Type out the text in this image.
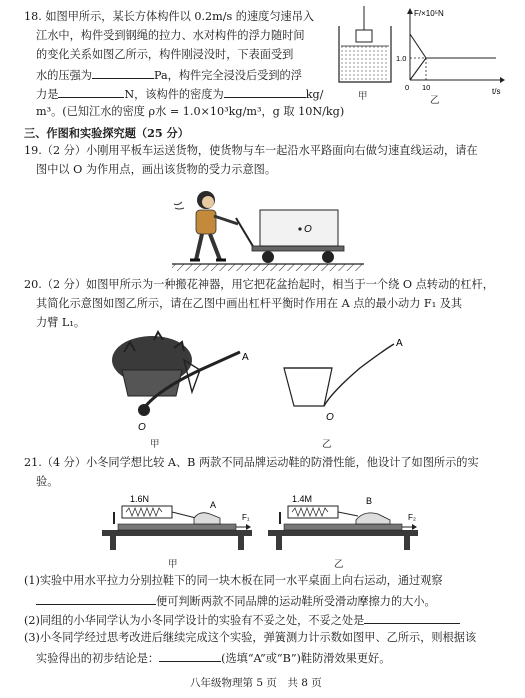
18. 如图甲所示，某长方体构件以 0.2m/s 的速度匀速吊入
江水中，构件受到钢绳的拉力、水对构件的浮力随时间
的变化关系如图乙所示，构件刚浸没时，下表面受到
水的压强为	Pa，构件完全浸没后受到的浮
力是	N，该构件的密度为	kg/
m³。(已知江水的密度 ρ水 = 1.0×10³kg/m³，g 取 10N/kg)
甲
F/×10⁵N
t/s
1.0
0 10
乙
三、作图和实验探究题（25 分）
19.（2 分）小刚用平板车运送货物，使货物与车一起沿水平路面向右做匀速直线运动，请在
图中以 O 为作用点，画出该货物的受力示意图。
O
20.（2 分）如图甲所示为一种搬花神器，用它把花盆抬起时，相当于一个绕 O 点转动的杠杆，
其简化示意图如图乙所示，请在乙图中画出杠杆平衡时作用在 A 点的最小动力 F₁ 及其
力臂 L₁。
A
O
甲
A
O
乙
21.（4 分）小冬同学想比较 A、B 两款不同品牌运动鞋的防滑性能，他设计了如图所示的实
验。
1.6N
A
F₁
甲
1.4M	B
F₂
乙
(1)实验中用水平拉力分别拉鞋下的同一块木板在同一水平桌面上向右运动，通过观察
便可判断两款不同品牌的运动鞋所受滑动摩擦力的大小。
(2)同组的小华同学认为小冬同学设计的实验有不妥之处，不妥之处是
(3)小冬同学经过思考改进后继续完成这个实验，弹簧测力计示数如图甲、乙所示，则根据该
实验得出的初步结论是：	(选填“A”或“B”)鞋防滑效果更好。
八年级物理第 5 页　共 8 页
